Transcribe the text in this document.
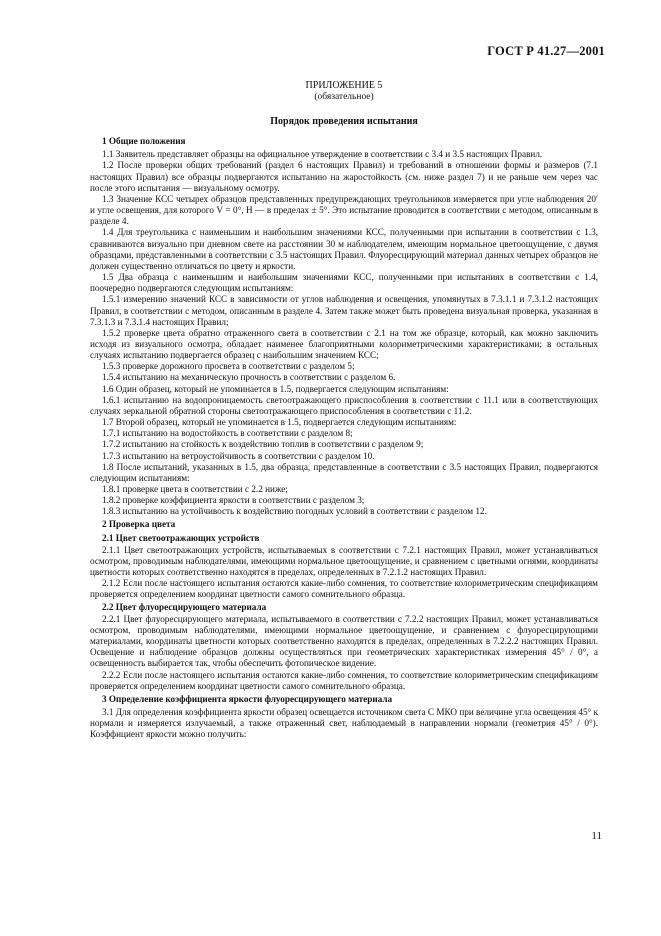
ГОСТ Р 41.27—2001
ПРИЛОЖЕНИЕ 5
(обязательное)
Порядок проведения испытания
1 Общие положения

1.1 Заявитель представляет образцы на официальное утверждение в соответствии с 3.4 и 3.5 настоящих Правил.

1.2 После проверки общих требований (раздел 6 настоящих Правил) и требований в отношении формы и размеров (7.1 настоящих Правил) все образцы подвергаются испытанию на жаростойкость (см. ниже раздел 7) и не раньше чем через час после этого испытания — визуальному осмотру.

1.3 Значение КСС четырех образцов представленных предупреждающих треугольников измеряется при угле наблюдения 20′ и угле освещения, для которого V = 0°, H — в пределах ± 5°. Это испытание проводится в соответствии с методом, описанным в разделе 4.

1.4 Для треугольника с наименьшим и наибольшим значениями КСС, полученными при испытании в соответствии с 1.3, сравниваются визуально при дневном свете на расстоянии 30 м наблюдателем, имеющим нормальное цветоощущение, с двумя образцами, представленными в соответствии с 3.5 настоящих Правил. Флуоресцирующий материал данных четырех образцов не должен существенно отличаться по цвету и яркости.

1.5 Два образца с наименьшим и наибольшим значениями КСС, полученными при испытаниях в соответствии с 1.4, поочередно подвергаются следующим испытаниям:

1.5.1 измерению значений КСС в зависимости от углов наблюдения и освещения, упомянутых в 7.3.1.1 и 7.3.1.2 настоящих Правил, в соответствии с методом, описанным в разделе 4. Затем также может быть проведена визуальная проверка, указанная в 7.3.1.3 и 7.3.1.4 настоящих Правил;

1.5.2 проверке цвета обратно отраженного света в соответствии с 2.1 на том же образце, который, как можно заключить исходя из визуального осмотра, обладает наименее благоприятными колориметрическими характеристиками; в остальных случаях испытанию подвергается образец с наибольшим значением КСС;

1.5.3 проверке дорожного просвета в соответствии с разделом 5;

1.5.4 испытанию на механическую прочность в соответствии с разделом 6.

1.6 Один образец, который не упоминается в 1.5, подвергается следующим испытаниям:

1.6.1 испытанию на водопроницаемость светоотражающего приспособления в соответствии с 11.1 или в соответствующих случаях зеркальной обратной стороны светоотражающего приспособления в соответствии с 11.2.

1.7 Второй образец, который не упоминается в 1.5, подвергается следующим испытаниям:

1.7.1 испытанию на водостойкость в соответствии с разделом 8;

1.7.2 испытанию на стойкость к воздействию топлив в соответствии с разделом 9;

1.7.3 испытанию на ветроустойчивость в соответствии с разделом 10.

1.8 После испытаний, указанных в 1.5, два образца, представленные в соответствии с 3.5 настоящих Правил, подвергаются следующим испытаниям:

1.8.1 проверке цвета в соответствии с 2.2 ниже;

1.8.2 проверке коэффициента яркости в соответствии с разделом 3;

1.8.3 испытанию на устойчивость к воздействию погодных условий в соответствии с разделом 12.

2 Проверка цвета
2.1 Цвет светоотражающих устройств

2.1.1 Цвет светоотражающих устройств, испытываемых в соответствии с 7.2.1 настоящих Правил, может устанавливаться осмотром, проводимым наблюдателями, имеющими нормальное цветоощущение, и сравнением с цветными огнями, координаты цветности которых соответственно находятся в пределах, определенных в 7.2.1.2 настоящих Правил.

2.1.2 Если после настоящего испытания остаются какие-либо сомнения, то соответствие колориметрическим спецификациям проверяется определением координат цветности самого сомнительного образца.

2.2 Цвет флуоресцирующего материала

2.2.1 Цвет флуоресцирующего материала, испытываемого в соответствии с 7.2.2 настоящих Правил, может устанавливаться осмотром, проводимым наблюдателями, имеющими нормальное цветоощущение, и сравнением с флуоресцирующими материалами, координаты цветности которых соответственно находятся в пределах, определенных в 7.2.2.2 настоящих Правил. Освещение и наблюдение образцов должны осуществляться при геометрических характеристиках измерения 45° / 0°, а освещенность выбирается так, чтобы обеспечить фотопическое видение.

2.2.2 Если после настоящего испытания остаются какие-либо сомнения, то соответствие колориметрическим спецификациям проверяется определением координат цветности самого сомнительного образца.

3 Определение коэффициента яркости флуоресцирующего материала

3.1 Для определения коэффициента яркости образец освещается источником света C МКО при величине угла освещения 45° к нормали и измеряется излучаемый, а также отраженный свет, наблюдаемый в направлении нормали (геометрия 45° / 0°). Коэффициент яркости можно получить:

11
